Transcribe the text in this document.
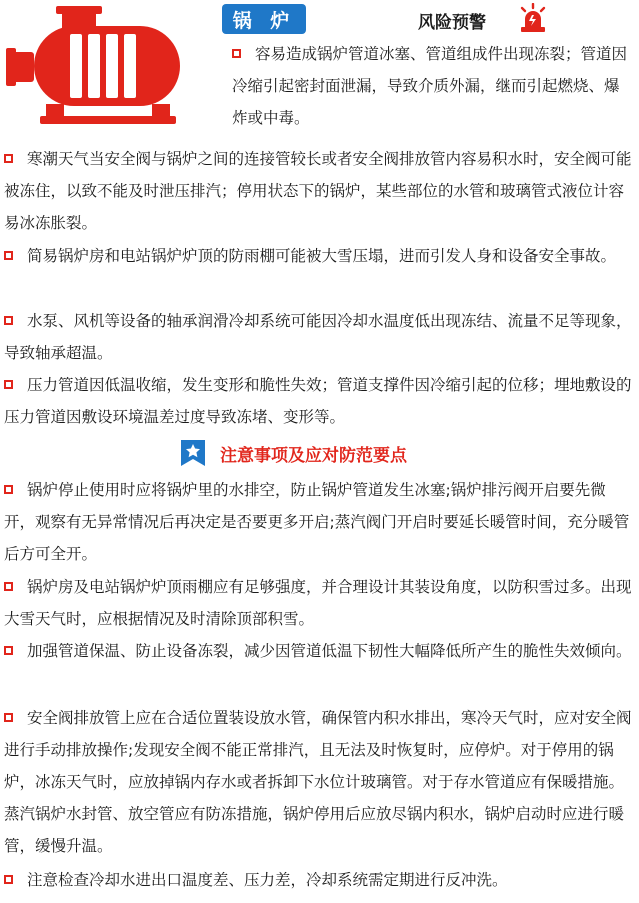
锅 炉	风险预警
容易造成锅炉管道冰塞、管道组成件出现冻裂；管道因冷缩引起密封面泄漏，导致介质外漏，继而引起燃烧、爆炸或中毒。
寒潮天气当安全阀与锅炉之间的连接管较长或者安全阀排放管内容易积水时，安全阀可能被冻住，以致不能及时泄压排汽；停用状态下的锅炉，某些部位的水管和玻璃管式液位计容易冰冻胀裂。
简易锅炉房和电站锅炉炉顶的防雨棚可能被大雪压塌，进而引发人身和设备安全事故。
水泵、风机等设备的轴承润滑冷却系统可能因冷却水温度低出现冻结、流量不足等现象，导致轴承超温。
压力管道因低温收缩，发生变形和脆性失效；管道支撑件因冷缩引起的位移；埋地敷设的压力管道因敷设环境温差过度导致冻堵、变形等。
注意事项及应对防范要点
锅炉停止使用时应将锅炉里的水排空，防止锅炉管道发生冰塞;锅炉排污阀开启要先微开，观察有无异常情况后再决定是否要更多开启;蒸汽阀门开启时要延长暖管时间，充分暖管后方可全开。
锅炉房及电站锅炉炉顶雨棚应有足够强度，并合理设计其装设角度，以防积雪过多。出现大雪天气时，应根据情况及时清除顶部积雪。
加强管道保温、防止设备冻裂，减少因管道低温下韧性大幅降低所产生的脆性失效倾向。
安全阀排放管上应在合适位置装设放水管，确保管内积水排出，寒冷天气时，应对安全阀进行手动排放操作;发现安全阀不能正常排汽，且无法及时恢复时，应停炉。对于停用的锅炉，冰冻天气时，应放掉锅内存水或者拆卸下水位计玻璃管。对于存水管道应有保暖措施。蒸汽锅炉水封管、放空管应有防冻措施，锅炉停用后应放尽锅内积水，锅炉启动时应进行暖管，缓慢升温。
注意检查冷却水进出口温度差、压力差，冷却系统需定期进行反冲洗。
